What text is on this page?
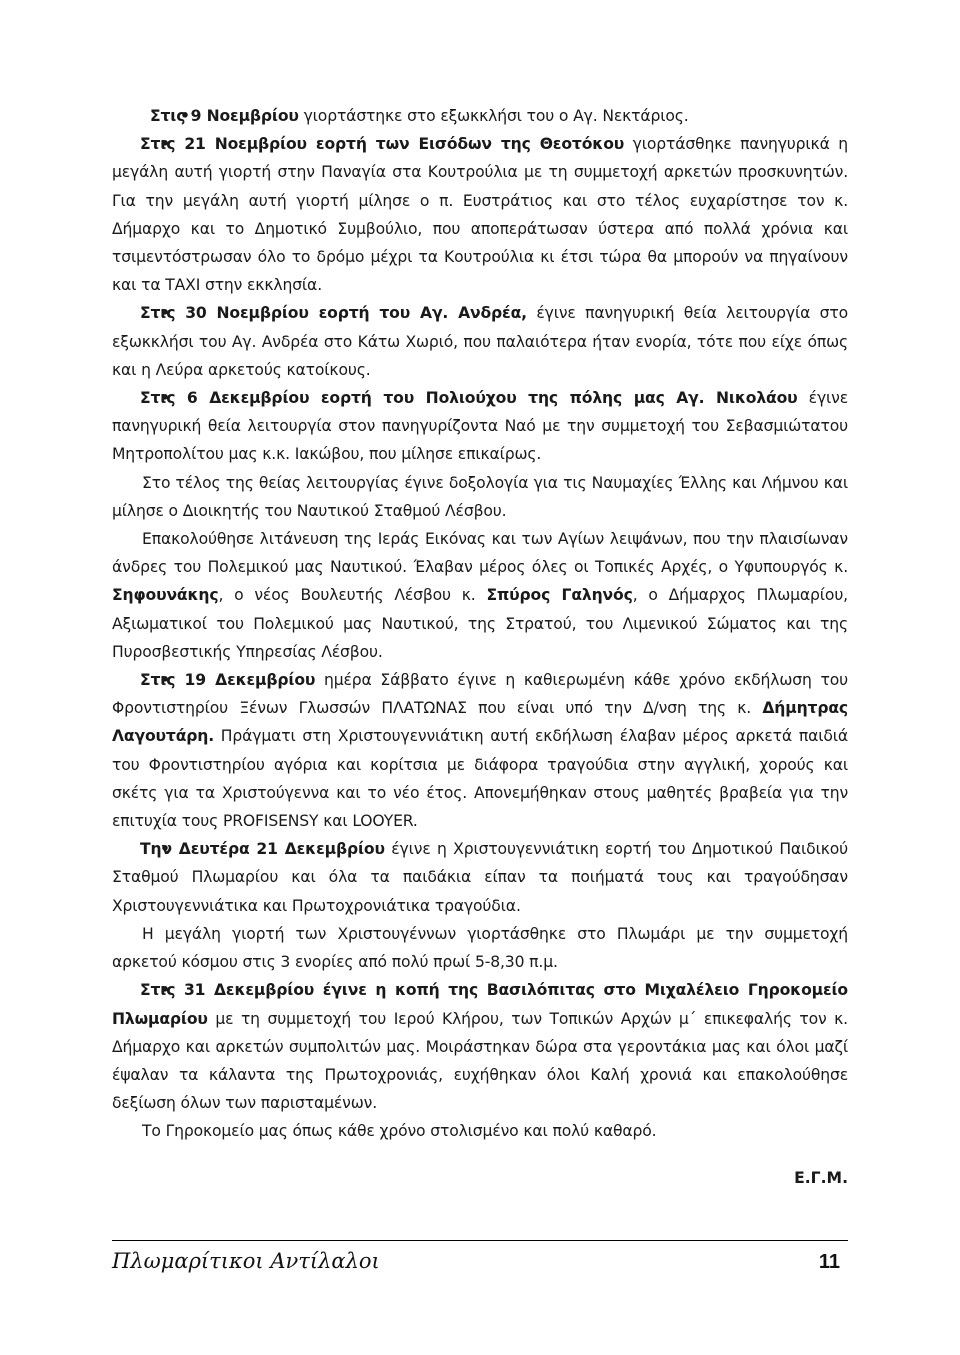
• Στις 9 Νοεμβρίου γιορτάστηκε στο εξωκκλήσι του ο Αγ. Νεκτάριος.

• Στις 21 Νοεμβρίου εορτή των Εισόδων της Θεοτόκου γιορτάσθηκε πανηγυρικά η μεγάλη αυτή γιορτή στην Παναγία στα Κουτρούλια με τη συμμετοχή αρκετών προσκυνητών. Για την μεγάλη αυτή γιορτή μίλησε ο π. Ευστράτιος και στο τέλος ευχαρίστησε τον κ. Δήμαρχο και το Δημοτικό Συμβούλιο, που αποπεράτωσαν ύστερα από πολλά χρόνια και τσιμεντόστρωσαν όλο το δρόμο μέχρι τα Κουτρούλια κι έτσι τώρα θα μπορούν να πηγαίνουν και τα ΤΑΧΙ στην εκκλησία.

• Στις 30 Νοεμβρίου εορτή του Αγ. Ανδρέα, έγινε πανηγυρική θεία λειτουργία στο εξωκκλήσι του Αγ. Ανδρέα στο Κάτω Χωριό, που παλαιότερα ήταν ενορία, τότε που είχε όπως και η Λεύρα αρκετούς κατοίκους.

• Στις 6 Δεκεμβρίου εορτή του Πολιούχου της πόλης μας Αγ. Νικολάου έγινε πανηγυρική θεία λειτουργία στον πανηγυρίζοντα Ναό με την συμμετοχή του Σεβασμιώτατου Μητροπολίτου μας κ.κ. Ιακώβου, που μίλησε επικαίρως.

Στο τέλος της θείας λειτουργίας έγινε δοξολογία για τις Ναυμαχίες Έλλης και Λήμνου και μίλησε ο Διοικητής του Ναυτικού Σταθμού Λέσβου.

Επακολούθησε λιτάνευση της Ιεράς Εικόνας και των Αγίων λειψάνων, που την πλαισίωναν άνδρες του Πολεμικού μας Ναυτικού. Έλαβαν μέρος όλες οι Τοπικές Αρχές, ο Υφυπουργός κ. Σηφουνάκης, ο νέος Βουλευτής Λέσβου κ. Σπύρος Γαληνός, ο Δήμαρχος Πλωμαρίου, Αξιωματικοί του Πολεμικού μας Ναυτικού, της Στρατού, του Λιμενικού Σώματος και της Πυροσβεστικής Υπηρεσίας Λέσβου.

• Στις 19 Δεκεμβρίου ημέρα Σάββατο έγινε η καθιερωμένη κάθε χρόνο εκδήλωση του Φροντιστηρίου Ξένων Γλωσσών ΠΛΑΤΩΝΑΣ που είναι υπό την Δ/νση της κ. Δήμητρας Λαγουτάρη. Πράγματι στη Χριστουγεννιάτικη αυτή εκδήλωση έλαβαν μέρος αρκετά παιδιά του Φροντιστηρίου αγόρια και κορίτσια με διάφορα τραγούδια στην αγγλική, χορούς και σκέτς για τα Χριστούγεννα και το νέο έτος. Απονεμήθηκαν στους μαθητές βραβεία για την επιτυχία τους PROFISENSY και LOOYER.

• Την Δευτέρα 21 Δεκεμβρίου έγινε η Χριστουγεννιάτικη εορτή του Δημοτικού Παιδικού Σταθμού Πλωμαρίου και όλα τα παιδάκια είπαν τα ποιήματά τους και τραγούδησαν Χριστουγεννιάτικα και Πρωτοχρονιάτικα τραγούδια.

Η μεγάλη γιορτή των Χριστουγέννων γιορτάσθηκε στο Πλωμάρι με την συμμετοχή αρκετού κόσμου στις 3 ενορίες από πολύ πρωί 5-8,30 π.μ.

• Στις 31 Δεκεμβρίου έγινε η κοπή της Βασιλόπιτας στο Μιχαλέλειο Γηροκομείο Πλωμαρίου με τη συμμετοχή του Ιερού Κλήρου, των Τοπικών Αρχών μ΄ επικεφαλής τον κ. Δήμαρχο και αρκετών συμπολιτών μας. Μοιράστηκαν δώρα στα γεροντάκια μας και όλοι μαζί έψαλαν τα κάλαντα της Πρωτοχρονιάς, ευχήθηκαν όλοι Καλή χρονιά και επακολούθησε δεξίωση όλων των παρισταμένων.

Το Γηροκομείο μας όπως κάθε χρόνο στολισμένο και πολύ καθαρό.

Ε.Γ.Μ.
Πλωμαρίτικοι Αντίλαλοι	11
